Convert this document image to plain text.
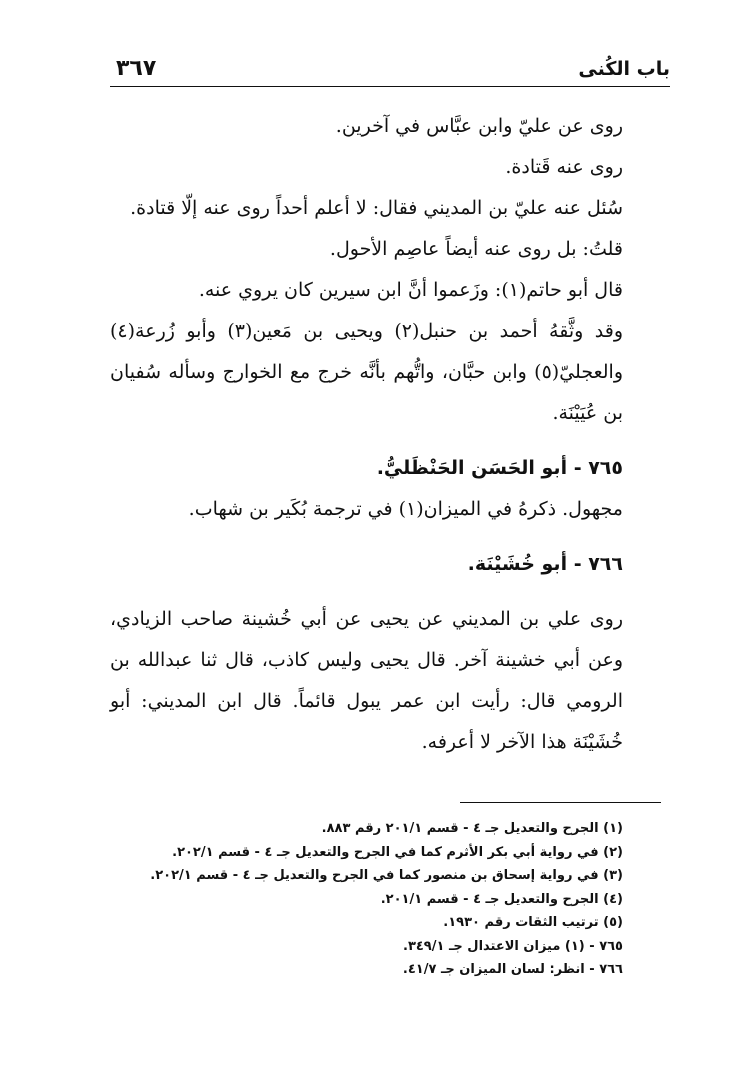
باب الكُنى
٣٦٧

روى عن عليّ وابن عبَّاس في آخرين.

روى عنه قَتادة.

سُئل عنه عليّ بن المديني فقال: لا أعلم أحداً روى عنه إلّا قتادة.

قلتُ: بل روى عنه أيضاً عاصِم الأحول.

قال أبو حاتم(١): وزَعموا أنَّ ابن سيرين كان يروي عنه.

وقد وثَّقهُ أحمد بن حنبل(٢) ويحيى بن مَعين(٣) وأبو زُرعة(٤) والعجليّ(٥) وابن حبَّان، واتُّهم بأنَّه خرج مع الخوارج وسأله سُفيان بن عُيَيْنَة.

٧٦٥ - أبو الحَسَن الحَنْظَليُّ.

مجهول. ذكرهُ في الميزان(١) في ترجمة بُكَير بن شهاب.

٧٦٦ - أبو خُشَيْنَة.

روى علي بن المديني عن يحيى عن أبي خُشينة صاحب الزيادي، وعن أبي خشينة آخر. قال يحيى وليس كاذب، قال ثنا عبدالله بن الرومي قال: رأيت ابن عمر يبول قائماً. قال ابن المديني: أبو خُشَيْنَة هذا الآخر لا أعرفه.

(١) الجرح والتعديل جـ ٤ - قسم ٢٠١/١ رقم ٨٨٣.
(٢) في رواية أبي بكر الأثرم كما في الجرح والتعديل جـ ٤ - قسم ٢٠٢/١.
(٣) في رواية إسحاق بن منصور كما في الجرح والتعديل جـ ٤ - قسم ٢٠٢/١.
(٤) الجرح والتعديل جـ ٤ - قسم ٢٠١/١.
(٥) ترتيب الثقات رقم ١٩٣٠.
٧٦٥ - (١) ميزان الاعتدال جـ ٣٤٩/١.
٧٦٦ - انظر: لسان الميزان جـ ٤١/٧.
